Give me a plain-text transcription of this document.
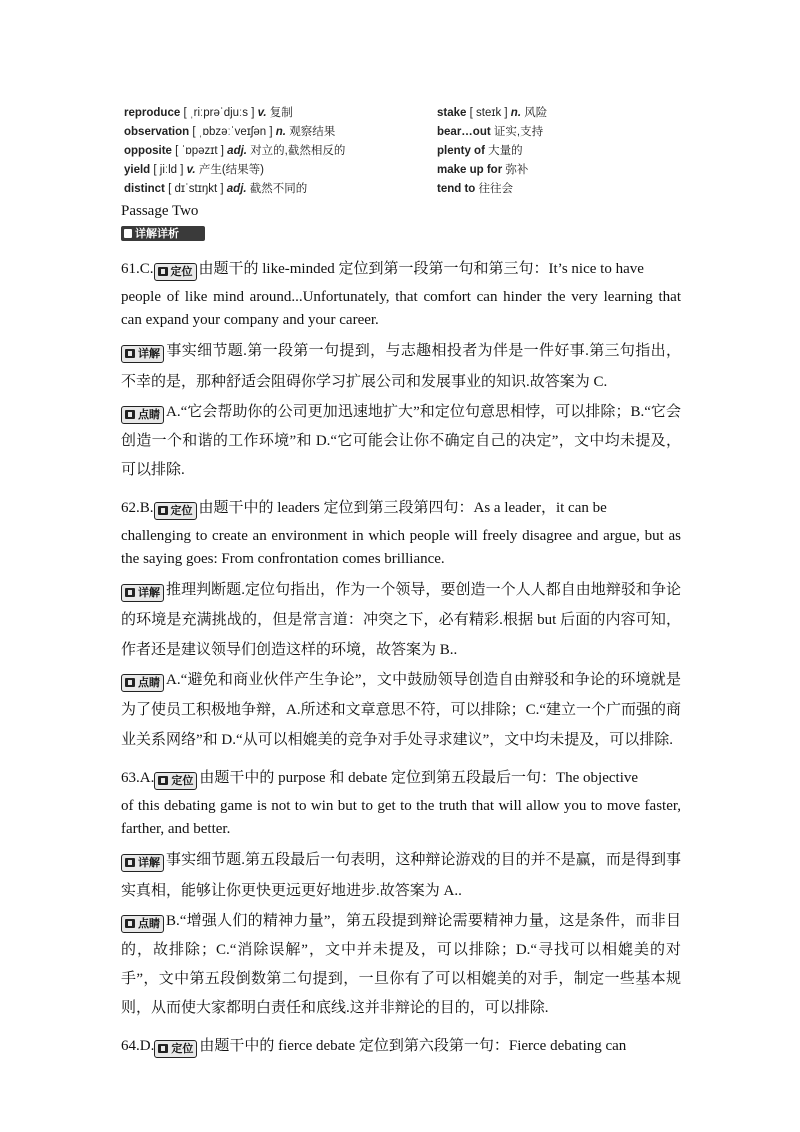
reproduce [ ˌriːprəˈdjuːs ] v. 复制
observation [ ˌɒbzəːˈveɪʃən ] n. 观察结果
opposite [ ˈɒpəzɪt ] adj. 对立的,截然相反的
yield [ jiːld ] v. 产生(结果等)
distinct [ dɪˈstɪŋkt ] adj. 截然不同的
stake [ steɪk ] n. 风险
bear…out 证实,支持
plenty of 大量的
make up for 弥补
tend to 往往会
Passage Two
详解详析
61.C. 定位 由题干的 like-minded 定位到第一段第一句和第三句：It’s nice to have
people of like mind around...Unfortunately, that comfort can hinder the very learning that can expand your company and your career.
详解 事实细节题.第一段第一句提到，与志趣相投者为伴是一件好事.第三句指出，不幸的是，那种舒适会阻碍你学习扩展公司和发展事业的知识.故答案为 C.
点睛 A.“它会帮助你的公司更加迅速地扩大”和定位句意思相悖，可以排除；B.“它会创造一个和谐的工作环境”和 D.“它可能会让你不确定自己的决定”，文中均未提及，可以排除.
62.B. 定位 由题干中的 leaders 定位到第三段第四句：As a leader，it can be
challenging to create an environment in which people will freely disagree and argue, but as the saying goes: From confrontation comes brilliance.
详解 推理判断题.定位句指出，作为一个领导，要创造一个人人都自由地辩驳和争论的环境是充满挑战的，但是常言道：冲突之下，必有精彩.根据 but 后面的内容可知，作者还是建议领导们创造这样的环境，故答案为 B..
点睛 A.“避免和商业伙伴产生争论”，文中鼓励领导创造自由辩驳和争论的环境就是为了使员工积极地争辩，A.所述和文章意思不符，可以排除；C.“建立一个广而强的商业关系网络”和 D.“从可以相媲美的竞争对手处寻求建议”，文中均未提及，可以排除.
63.A. 定位 由题干中的 purpose 和 debate 定位到第五段最后一句：The objective
of this debating game is not to win but to get to the truth that will allow you to move faster, farther, and better.
详解 事实细节题.第五段最后一句表明，这种辩论游戏的目的并不是赢，而是得到事实真相，能够让你更快更远更好地进步.故答案为 A..
点睛 B.“增强人们的精神力量”，第五段提到辩论需要精神力量，这是条件，而非目的，故排除；C.“消除误解”，文中并未提及，可以排除；D.“寻找可以相媲美的对手”，文中第五段倒数第二句提到，一旦你有了可以相媲美的对手，制定一些基本规则，从而使大家都明白责任和底线.这并非辩论的目的，可以排除.
64.D. 定位 由题干中的 fierce debate 定位到第六段第一句：Fierce debating can
